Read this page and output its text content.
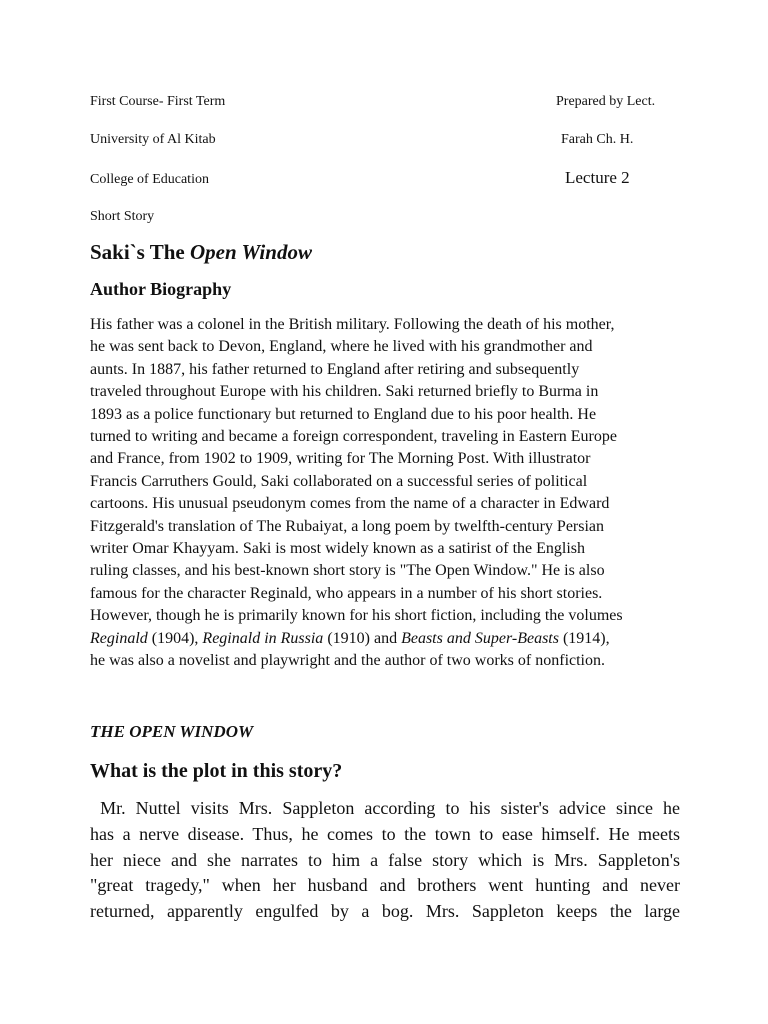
First Course- First Term
University of Al Kitab
College of Education
Short Story
Prepared by Lect.
Farah Ch. H.
Lecture 2
Saki`s The Open Window
Author Biography
His father was a colonel in the British military. Following the death of his mother,
he was sent back to Devon, England, where he lived with his grandmother and
aunts. In 1887, his father returned to England after retiring and subsequently
traveled throughout Europe with his children. Saki returned briefly to Burma in
1893 as a police functionary but returned to England due to his poor health. He
turned to writing and became a foreign correspondent, traveling in Eastern Europe
and France, from 1902 to 1909, writing for The Morning Post. With illustrator
Francis Carruthers Gould, Saki collaborated on a successful series of political
cartoons. His unusual pseudonym comes from the name of a character in Edward
Fitzgerald's translation of The Rubaiyat, a long poem by twelfth-century Persian
writer Omar Khayyam. Saki is most widely known as a satirist of the English
ruling classes, and his best-known short story is "The Open Window." He is also
famous for the character Reginald, who appears in a number of his short stories.
However, though he is primarily known for his short fiction, including the volumes
Reginald (1904), Reginald in Russia (1910) and Beasts and Super-Beasts (1914),
he was also a novelist and playwright and the author of two works of nonfiction.
THE OPEN WINDOW
What is the plot in this story?
Mr. Nuttel visits Mrs. Sappleton according to his sister's advice since he
has a nerve disease. Thus, he comes to the town to ease himself. He meets
her niece and she narrates to him a false story which is Mrs. Sappleton's
"great tragedy," when her husband and brothers went hunting and never
returned, apparently engulfed by a bog. Mrs. Sappleton keeps the large
